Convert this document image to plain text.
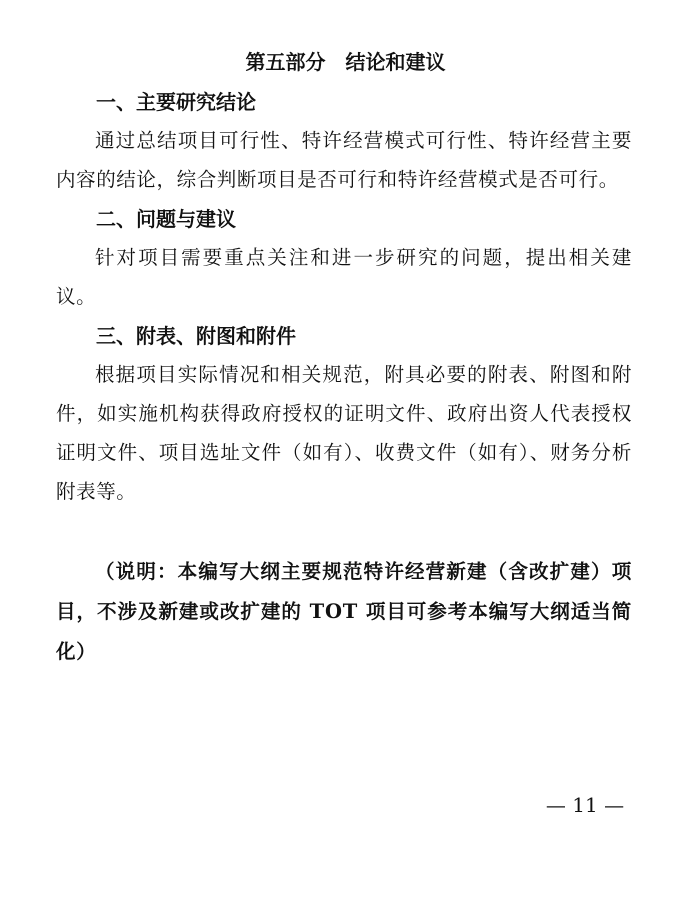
第五部分　结论和建议
一、主要研究结论
通过总结项目可行性、特许经营模式可行性、特许经营主要内容的结论，综合判断项目是否可行和特许经营模式是否可行。
二、问题与建议
针对项目需要重点关注和进一步研究的问题，提出相关建议。
三、附表、附图和附件
根据项目实际情况和相关规范，附具必要的附表、附图和附件，如实施机构获得政府授权的证明文件、政府出资人代表授权证明文件、项目选址文件（如有）、收费文件（如有）、财务分析附表等。
（说明：本编写大纲主要规范特许经营新建（含改扩建）项目，不涉及新建或改扩建的 TOT 项目可参考本编写大纲适当简化）
— 11 —
